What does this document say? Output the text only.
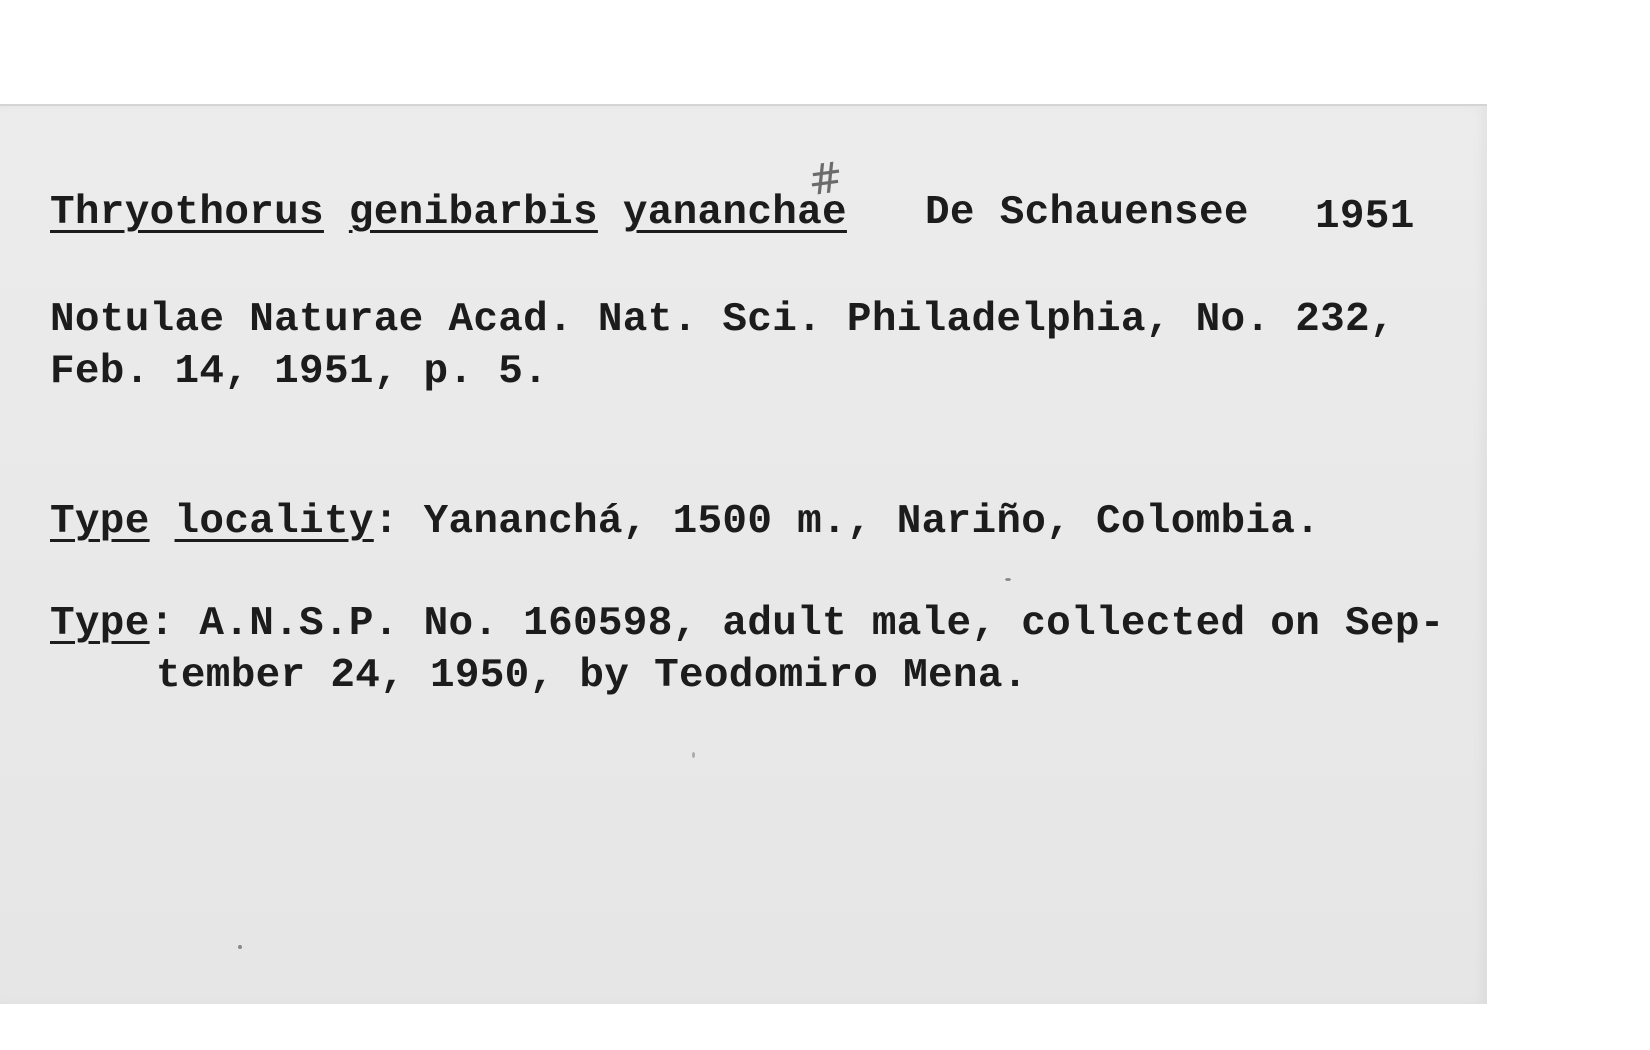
#
Thryothorus genibarbis yananchae De Schauensee 1951
Notulae Naturae Acad. Nat. Sci. Philadelphia, No. 232,
Feb. 14, 1951, p. 5.
Type locality: Yananchá, 1500 m., Nariño, Colombia.
Type: A.N.S.P. No. 160598, adult male, collected on Sep-
tember 24, 1950, by Teodomiro Mena.
